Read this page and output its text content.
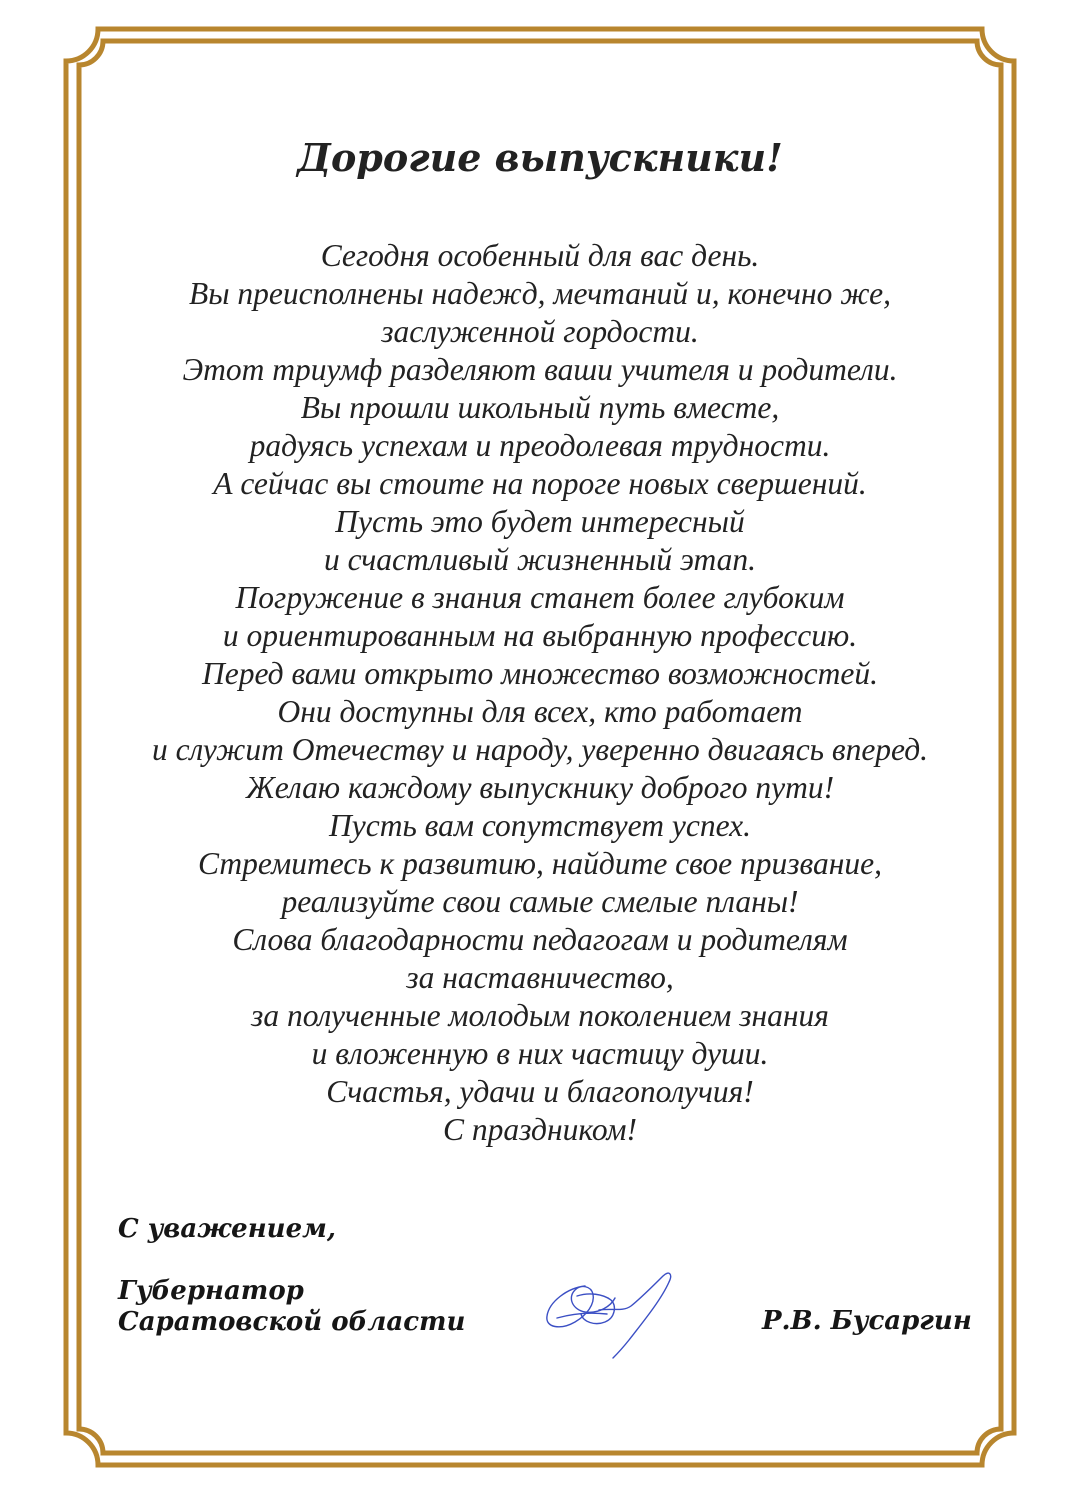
Дорогие выпускники!
Сегодня особенный для вас день.
Вы преисполнены надежд, мечтаний и, конечно же,
заслуженной гордости.
Этот триумф разделяют ваши учителя и родители.
Вы прошли школьный путь вместе,
радуясь успехам и преодолевая трудности.
А сейчас вы стоите на пороге новых свершений.
Пусть это будет интересный
и счастливый жизненный этап.
Погружение в знания станет более глубоким
и ориентированным на выбранную профессию.
Перед вами открыто множество возможностей.
Они доступны для всех, кто работает
и служит Отечеству и народу, уверенно двигаясь вперед.
Желаю каждому выпускнику доброго пути!
Пусть вам сопутствует успех.
Стремитесь к развитию, найдите свое призвание,
реализуйте свои самые смелые планы!
Слова благодарности педагогам и родителям
за наставничество,
за полученные молодым поколением знания
и вложенную в них частицу души.
Счастья, удачи и благополучия!
С праздником!
С уважением,
Губернатор
Саратовской области	Р.В. Бусаргин
